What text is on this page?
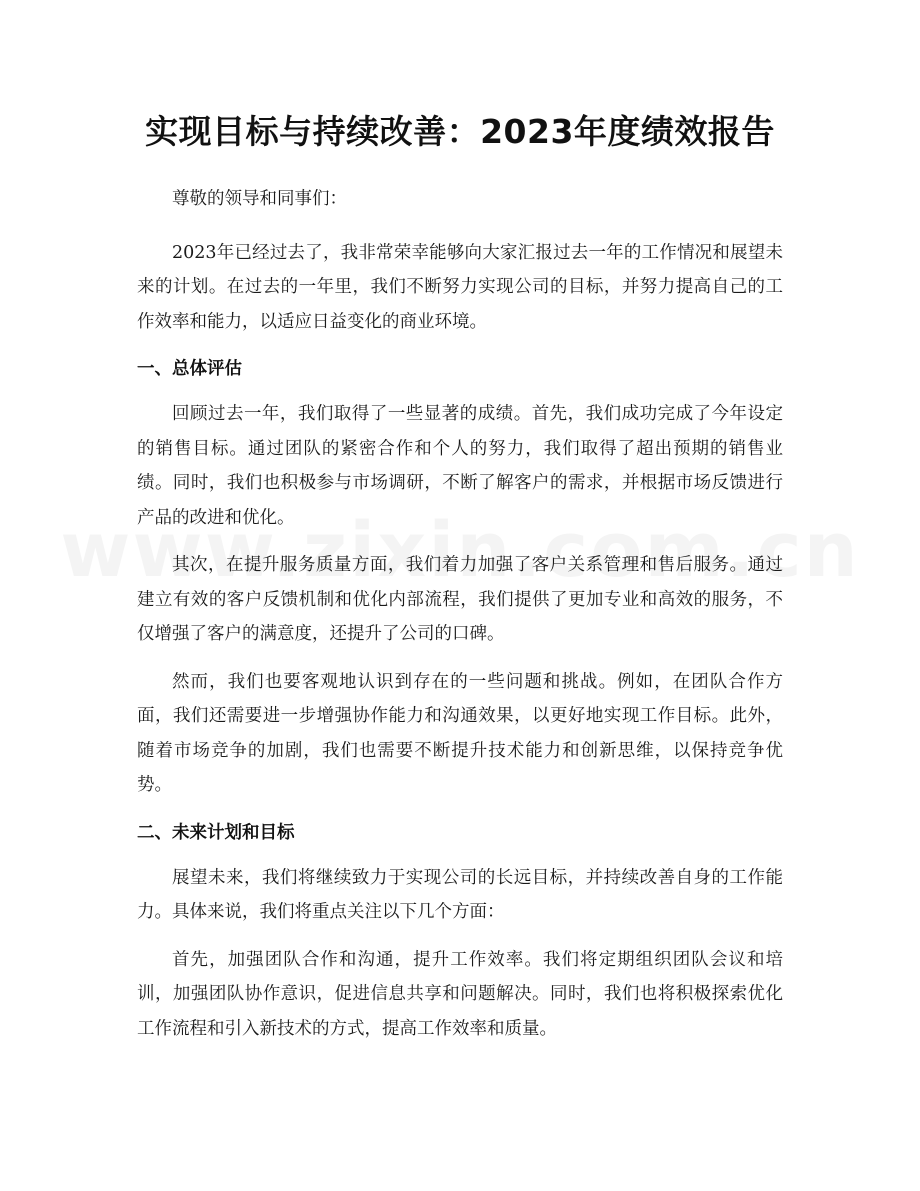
实现目标与持续改善：2023年度绩效报告

尊敬的领导和同事们：

2023年已经过去了，我非常荣幸能够向大家汇报过去一年的工作情况和展望未来的计划。在过去的一年里，我们不断努力实现公司的目标，并努力提高自己的工作效率和能力，以适应日益变化的商业环境。

一、总体评估

回顾过去一年，我们取得了一些显著的成绩。首先，我们成功完成了今年设定的销售目标。通过团队的紧密合作和个人的努力，我们取得了超出预期的销售业绩。同时，我们也积极参与市场调研，不断了解客户的需求，并根据市场反馈进行产品的改进和优化。

其次，在提升服务质量方面，我们着力加强了客户关系管理和售后服务。通过建立有效的客户反馈机制和优化内部流程，我们提供了更加专业和高效的服务，不仅增强了客户的满意度，还提升了公司的口碑。

然而，我们也要客观地认识到存在的一些问题和挑战。例如，在团队合作方面，我们还需要进一步增强协作能力和沟通效果，以更好地实现工作目标。此外，随着市场竞争的加剧，我们也需要不断提升技术能力和创新思维，以保持竞争优势。

二、未来计划和目标

展望未来，我们将继续致力于实现公司的长远目标，并持续改善自身的工作能力。具体来说，我们将重点关注以下几个方面：

首先，加强团队合作和沟通，提升工作效率。我们将定期组织团队会议和培训，加强团队协作意识，促进信息共享和问题解决。同时，我们也将积极探索优化工作流程和引入新技术的方式，提高工作效率和质量。
